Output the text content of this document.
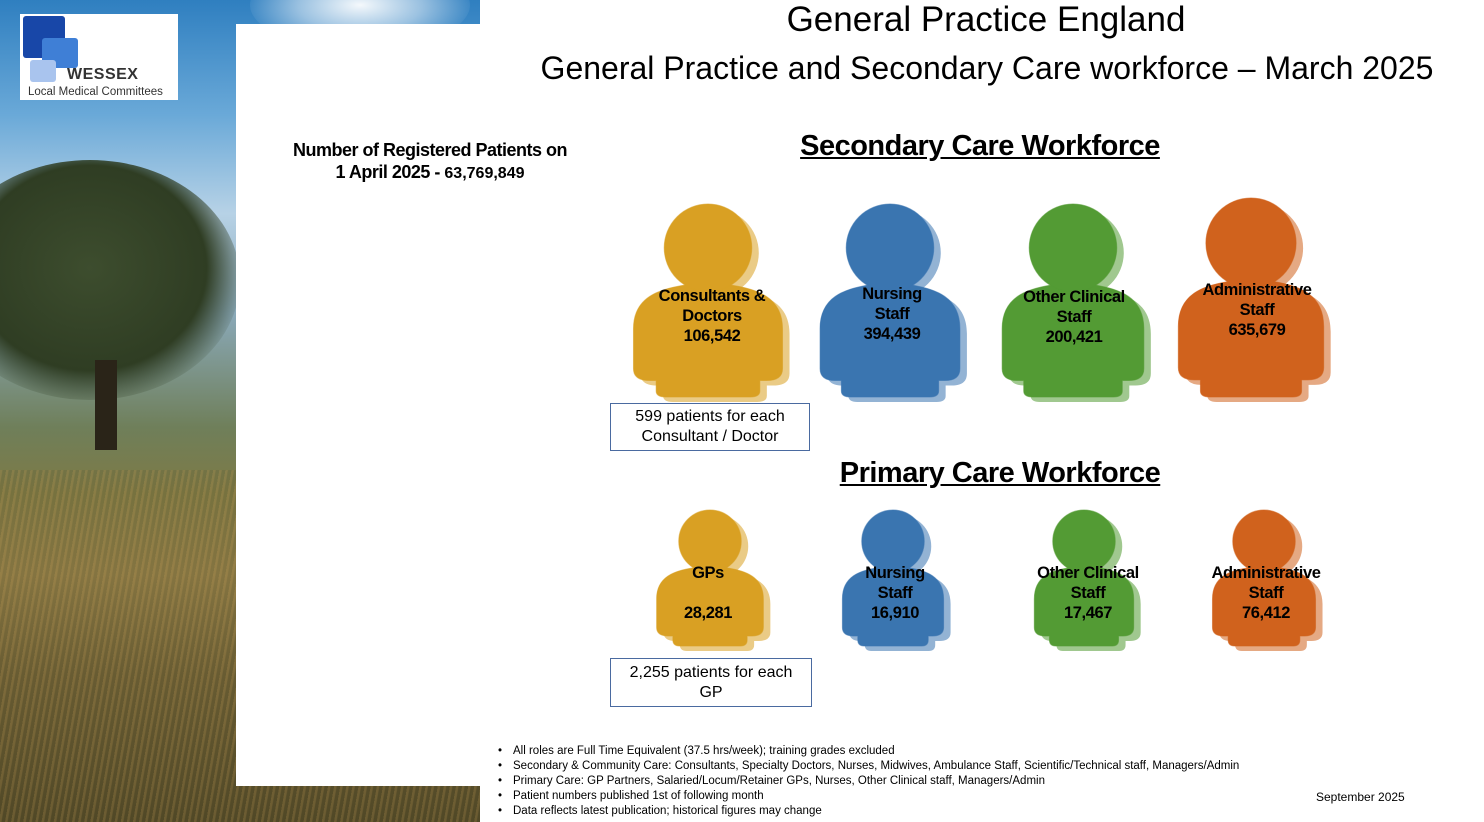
WESSEX
Local Medical Committees
General Practice England
General Practice and Secondary Care workforce – March 2025
Number of Registered Patients on
1 April 2025 - 63,769,849
Secondary Care Workforce
Primary Care Workforce
Consultants &
Doctors
106,542
Nursing
Staff
394,439
Other Clinical
Staff
200,421
Administrative
Staff
635,679
599 patients for each
Consultant / Doctor
GPs
28,281
Nursing
Staff
16,910
Other Clinical
Staff
17,467
Administrative
Staff
76,412
2,255 patients for each
GP
• All roles are Full Time Equivalent (37.5 hrs/week); training grades excluded
• Secondary & Community Care: Consultants, Specialty Doctors, Nurses, Midwives, Ambulance Staff, Scientific/Technical staff, Managers/Admin
• Primary Care: GP Partners, Salaried/Locum/Retainer GPs, Nurses, Other Clinical staff, Managers/Admin
• Patient numbers published 1st of following month
• Data reflects latest publication; historical figures may change
September 2025
